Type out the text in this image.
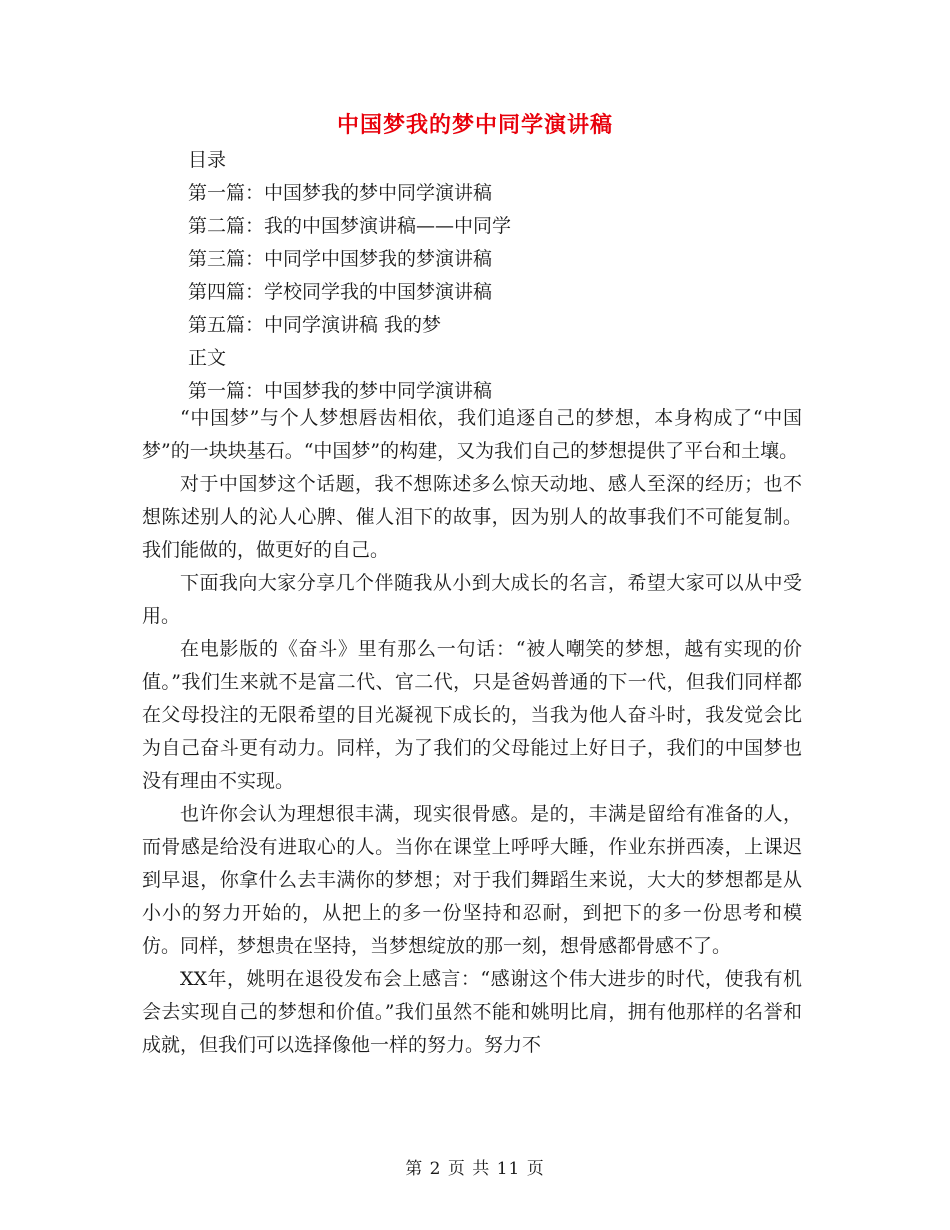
中国梦我的梦中同学演讲稿
目录
第一篇：中国梦我的梦中同学演讲稿
第二篇：我的中国梦演讲稿——中同学
第三篇：中同学中国梦我的梦演讲稿
第四篇：学校同学我的中国梦演讲稿
第五篇：中同学演讲稿 我的梦
正文
第一篇：中国梦我的梦中同学演讲稿

“中国梦”与个人梦想唇齿相依，我们追逐自己的梦想，本身构成了“中国梦”的一块块基石。“中国梦”的构建，又为我们自己的梦想提供了平台和土壤。

对于中国梦这个话题，我不想陈述多么惊天动地、感人至深的经历；也不想陈述别人的沁人心脾、催人泪下的故事，因为别人的故事我们不可能复制。我们能做的，做更好的自己。

下面我向大家分享几个伴随我从小到大成长的名言，希望大家可以从中受用。

在电影版的《奋斗》里有那么一句话：“被人嘲笑的梦想，越有实现的价值。”我们生来就不是富二代、官二代，只是爸妈普通的下一代，但我们同样都在父母投注的无限希望的目光凝视下成长的，当我为他人奋斗时，我发觉会比为自己奋斗更有动力。同样，为了我们的父母能过上好日子，我们的中国梦也没有理由不实现。

也许你会认为理想很丰满，现实很骨感。是的，丰满是留给有准备的人，而骨感是给没有进取心的人。当你在课堂上呼呼大睡，作业东拼西凑，上课迟到早退，你拿什么去丰满你的梦想；对于我们舞蹈生来说，大大的梦想都是从小小的努力开始的，从把上的多一份坚持和忍耐，到把下的多一份思考和模仿。同样，梦想贵在坚持，当梦想绽放的那一刻，想骨感都骨感不了。

XX年，姚明在退役发布会上感言：“感谢这个伟大进步的时代，使我有机会去实现自己的梦想和价值。”我们虽然不能和姚明比肩，拥有他那样的名誉和成就，但我们可以选择像他一样的努力。努力不

第 2 页 共 11 页
